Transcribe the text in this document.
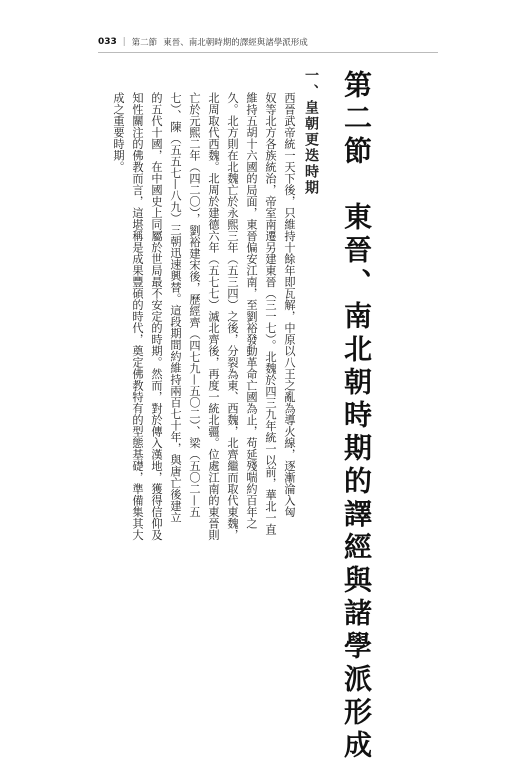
033 | 第二節 東晉、南北朝時期的譯經與諸學派形成
第二節　東晉、南北朝時期的譯經與諸學派形成
一、皇朝更迭時期
西晉武帝統一天下後，只維持十餘年即瓦解，中原以八王之亂為導火線，逐漸淪入匈
奴等北方各族統治，帝室南遷另建東晉（三一七）。北魏於四三九年統一以前，華北一直
維持五胡十六國的局面，東晉偏安江南，至劉裕發動革命亡國為止，苟延殘喘約百年之
久。北方則在北魏亡於永熙三年（五三四）之後，分裂為東、西魏，北齊繼而取代東魏，
北周取代西魏。北周於建德六年（五七七）滅北齊後，再度一統北疆。位處江南的東晉則
亡於元熙二年（四二〇），劉裕建宋後，歷經齊（四七九—五〇二）、梁（五〇二—五
七）、陳（五五七—八九）三朝迅速興替。這段期間約維持兩百七十年，與唐亡後建立
的五代十國，在中國史上同屬於世局最不安定的時期。然而，對於傳入漢地，獲得信仰及
知性關注的佛教而言，這堪稱是成果豐碩的時代，奠定佛教特有的型態基礎，準備集其大
成之重要時期。
